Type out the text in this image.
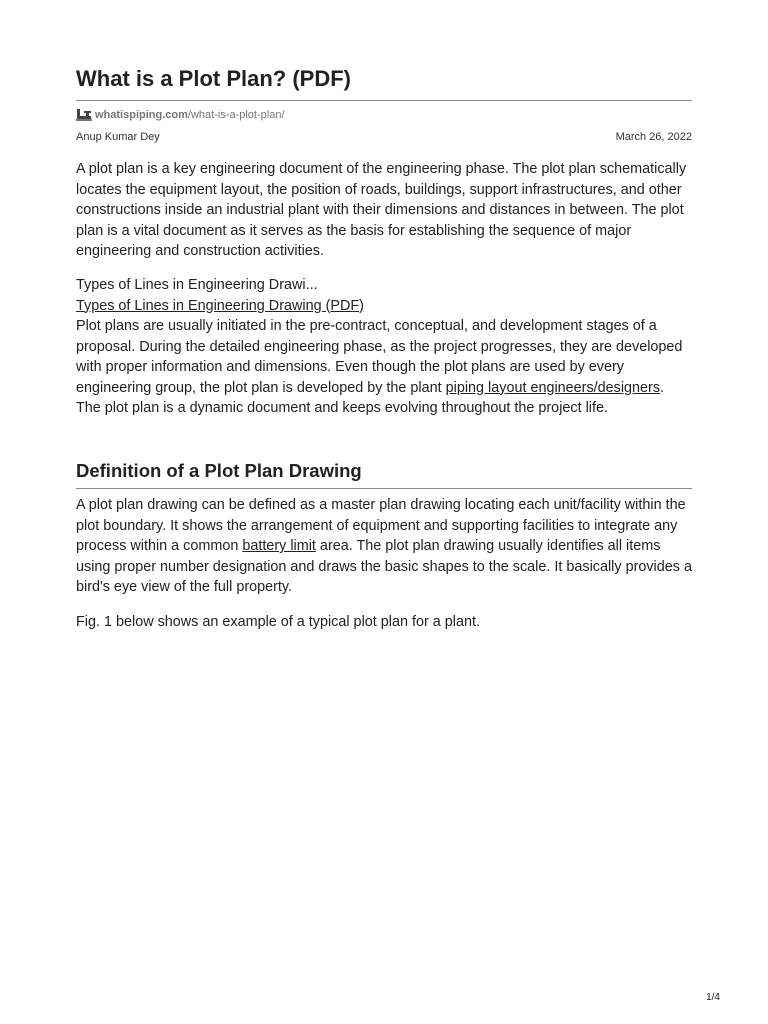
What is a Plot Plan? (PDF)
whatispiping.com /what-is-a-plot-plan/
Anup Kumar Dey	March 26, 2022

A plot plan is a key engineering document of the engineering phase. The plot plan schematically locates the equipment layout, the position of roads, buildings, support infrastructures, and other constructions inside an industrial plant with their dimensions and distances in between. The plot plan is a vital document as it serves as the basis for establishing the sequence of major engineering and construction activities.

Types of Lines in Engineering Drawi...
Types of Lines in Engineering Drawing (PDF)

Plot plans are usually initiated in the pre-contract, conceptual, and development stages of a proposal. During the detailed engineering phase, as the project progresses, they are developed with proper information and dimensions. Even though the plot plans are used by every engineering group, the plot plan is developed by the plant piping layout engineers/designers. The plot plan is a dynamic document and keeps evolving throughout the project life.

Definition of a Plot Plan Drawing

A plot plan drawing can be defined as a master plan drawing locating each unit/facility within the plot boundary. It shows the arrangement of equipment and supporting facilities to integrate any process within a common battery limit area. The plot plan drawing usually identifies all items using proper number designation and draws the basic shapes to the scale. It basically provides a bird's eye view of the full property.

Fig. 1 below shows an example of a typical plot plan for a plant.

1/4
